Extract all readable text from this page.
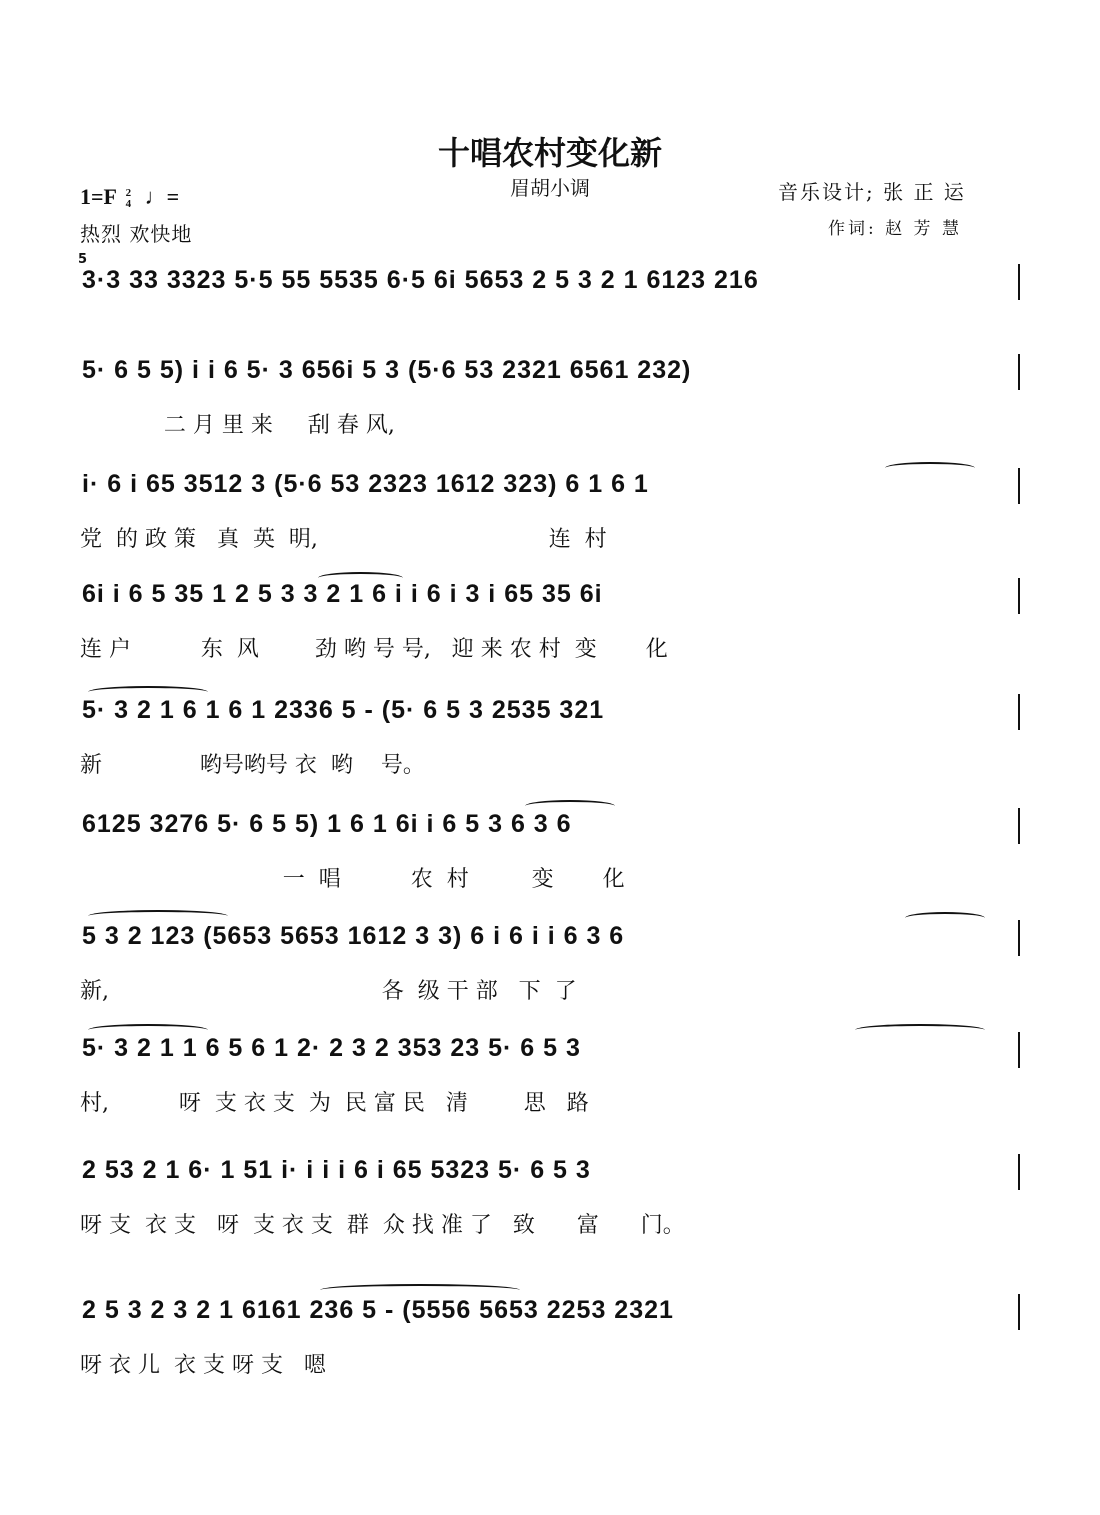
十唱农村变化新
眉胡小调	音乐设计; 张 正 运
作词: 赵 芳 慧
1=F 2
4 ♩=
热烈 欢快地
5
3·3 33 3323 5·5 55 5535 6·5 6i 5653 2 5 3 2 1 6123 216
5· 6 5 5) i i 6 5· 3 656i 5 3 (5·6 53 2321 6561 232)
二 月 里 来     刮 春 风,
i· 6 i 65 3512 3 (5·6 53 2323 1612 323) 6 1 6 1
党  的 政 策   真  英  明,                                 连  村
6i i 6 5 35 1 2 5 3 3 2 1 6 i i 6 i 3 i 65 35 6i
连 户          东  风        劲 哟 号 号,   迎 来 农 村  变       化
5· 3 2 1 6 1 6 1 2336 5 - (5· 6 5 3 2535 321
新              哟号哟号 衣  哟    号。
6125 3276 5· 6 5 5) 1 6 1 6i i 6 5 3 6 3 6
一  唱          农  村         变       化
5 3 2 123 (5653 5653 1612 3 3) 6 i 6 i i 6 3 6
新,                                       各  级 干 部   下  了
5· 3 2 1 1 6 5 6 1 2· 2 3 2 353 23 5· 6 5 3
村,          呀  支 衣 支  为  民 富 民   清        思   路
2 53 2 1 6· 1 51 i· i i i 6 i 65 5323 5· 6 5 3
呀 支  衣 支   呀  支 衣 支  群  众 找 准 了   致      富      门。
2 5 3 2 3 2 1 6161 236 5 - (5556 5653 2253 2321
呀 衣 儿  衣 支 呀 支   嗯
